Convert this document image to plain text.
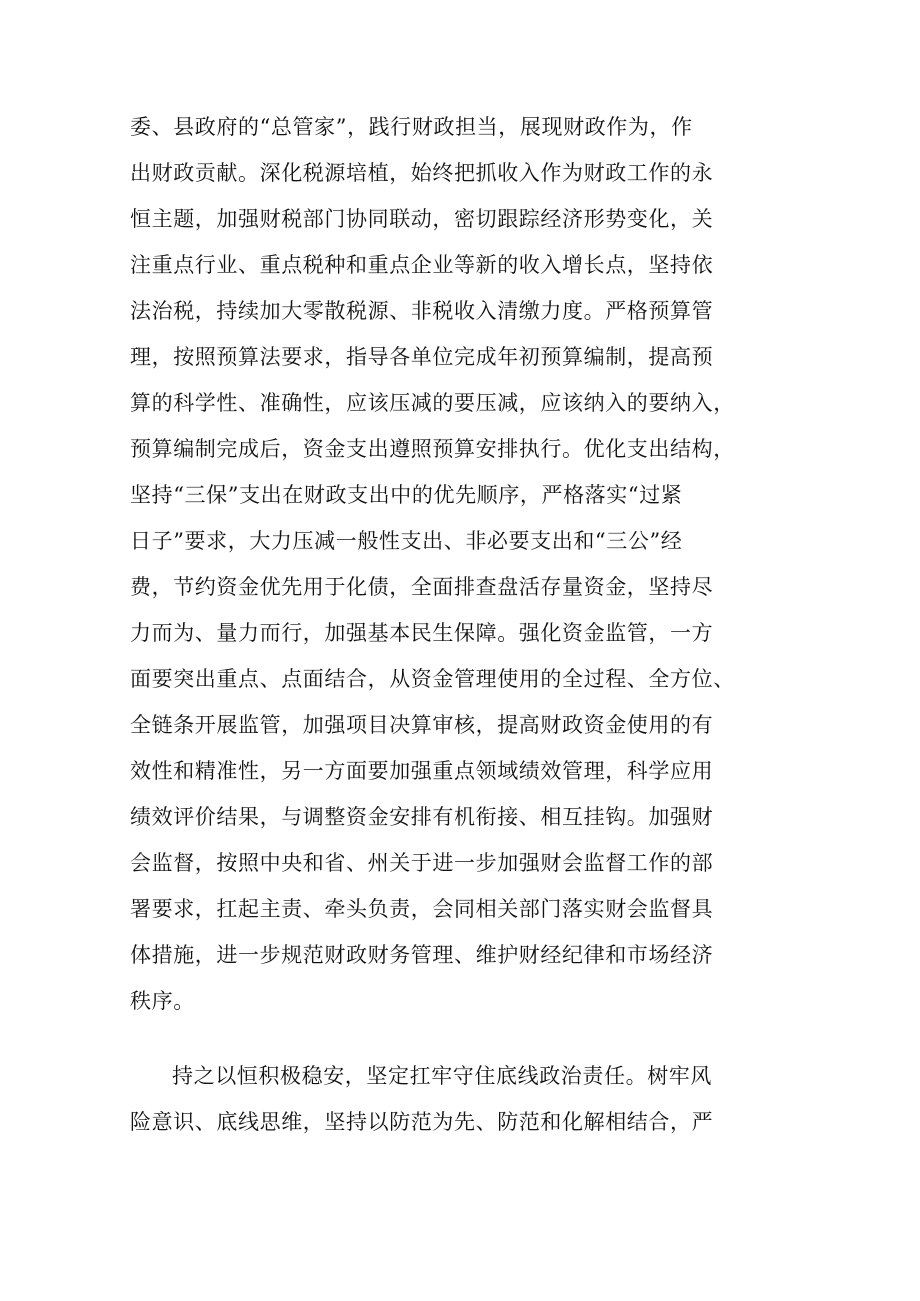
委、县政府的“总管家”，践行财政担当，展现财政作为，作
出财政贡献。深化税源培植，始终把抓收入作为财政工作的永
恒主题，加强财税部门协同联动，密切跟踪经济形势变化，关
注重点行业、重点税种和重点企业等新的收入增长点，坚持依
法治税，持续加大零散税源、非税收入清缴力度。严格预算管
理，按照预算法要求，指导各单位完成年初预算编制，提高预
算的科学性、准确性，应该压减的要压减，应该纳入的要纳入，
预算编制完成后，资金支出遵照预算安排执行。优化支出结构，
坚持“三保”支出在财政支出中的优先顺序，严格落实“过紧
日子”要求，大力压减一般性支出、非必要支出和“三公”经
费，节约资金优先用于化债，全面排查盘活存量资金，坚持尽
力而为、量力而行，加强基本民生保障。强化资金监管，一方
面要突出重点、点面结合，从资金管理使用的全过程、全方位、
全链条开展监管，加强项目决算审核，提高财政资金使用的有
效性和精准性，另一方面要加强重点领域绩效管理，科学应用
绩效评价结果，与调整资金安排有机衔接、相互挂钩。加强财
会监督，按照中央和省、州关于进一步加强财会监督工作的部
署要求，扛起主责、牵头负责，会同相关部门落实财会监督具
体措施，进一步规范财政财务管理、维护财经纪律和市场经济
秩序。
持之以恒积极稳安，坚定扛牢守住底线政治责任。树牢风
险意识、底线思维，坚持以防范为先、防范和化解相结合，严
